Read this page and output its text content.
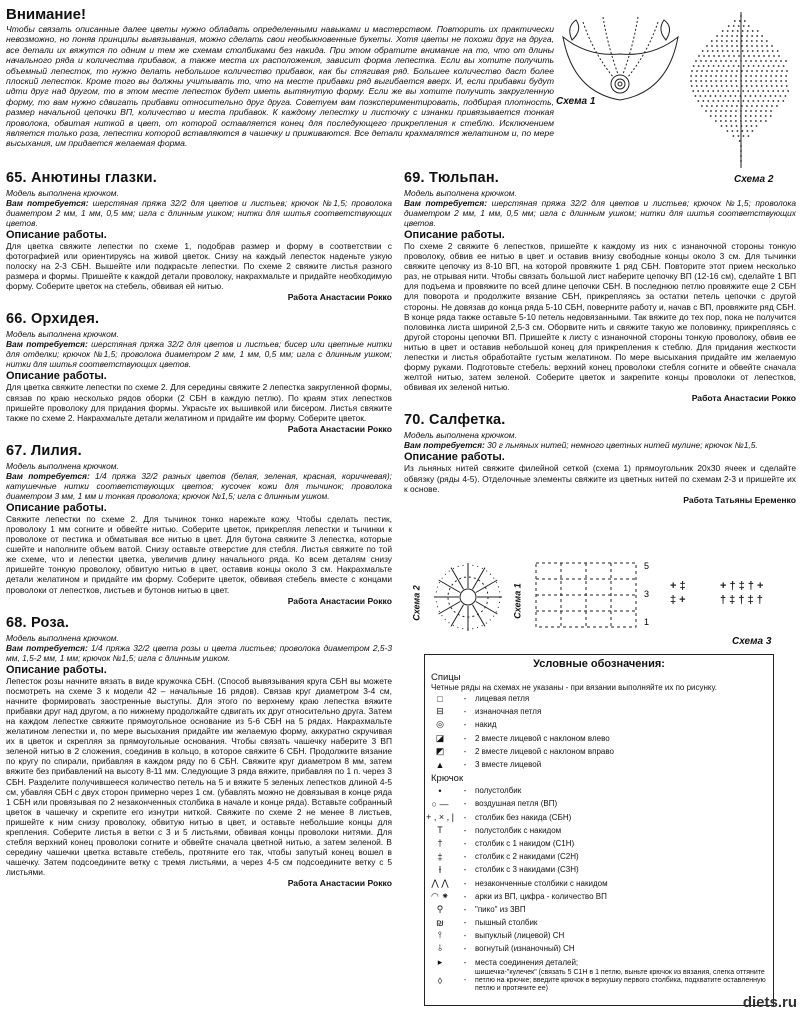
Внимание!

Чтобы связать описанные далее цветы нужно обладать определенными навыками и мастерством. Повторить их практически невозможно, но поняв принципы вывязывания, можно сделать свои необыкновенные букеты. Хотя цветы не похожи друг на друга, все детали их вяжутся по одним и тем же схемам столбиками без накида. При этом обратите внимание на то, что от длины начального ряда и количества прибавок, а также места их расположения, зависит форма лепестка. Если вы хотите получить объемный лепесток, то нужно делать небольшое количество прибавок, как бы стягивая ряд. Большее количество даст более плоский лепесток. Кроме того вы должны учитывать то, что на месте прибавки ряд выгибается вверх. И, если прибавки будут идти друг над другом, то в этом месте лепесток будет иметь вытянутую форму. Если же вы хотите получить закругленную форму, то вам нужно сдвигать прибавки относительно друг друга. Советуем вам поэкспериментировать, подбирая плотность, размер начальной цепочки ВП, количество и места прибавок. К каждому лепестку и листочку с изнанки привязывается тонкая проволока, обвитая ниткой в цвет, от которой оставляется конец для последующего прикрепления к стеблю. Исключением является только роза, лепестки которой вставляются в чашечку и приживаются. Все детали крахмалятся желатином и, по мере высыхания, им придается желаемая форма.

Схема 1
Схема 2
65. Анютины глазки.
Модель выполнена крючком.
Вам потребуется: шерстяная пряжа 32/2 для цветов и листьев; крючок №1,5; проволока диаметром 2 мм, 1 мм, 0,5 мм; игла с длинным ушком; нитки для шитья соответствующих цветов.
Описание работы.
Для цветка свяжите лепестки по схеме 1, подобрав размер и форму в соответствии с фотографией или ориентируясь на живой цветок. Снизу на каждый лепесток наденьте узкую полоску на 2-3 СБН. Вышейте или подкрасьте лепестки. По схеме 2 свяжите листья разного размера и формы. Пришейте к каждой детали проволоку, накрахмальте и придайте необходимую форму. Соберите цветок на стебель, обвивая ей нитью.
Работа Анастасии Рокко
66. Орхидея.
Модель выполнена крючком.
Вам потребуется: шерстяная пряжа 32/2 для цветов и листьев; бисер или цветные нитки для отделки; крючок №1,5; проволока диаметром 2 мм, 1 мм, 0,5 мм; игла с длинным ушком; нитки для шитья соответствующих цветов.
Описание работы.
Для цветка свяжите лепестки по схеме 2. Для середины свяжите 2 лепестка закругленной формы, связав по краю несколько рядов оборки (2 СБН в каждую петлю). По краям этих лепестков пришейте проволоку для придания формы. Украсьте их вышивкой или бисером. Листья свяжите также по схеме 2. Накрахмальте детали желатином и придайте им форму. Соберите цветок.
Работа Анастасии Рокко
67. Лилия.
Модель выполнена крючком.
Вам потребуется: 1/4 пряжа 32/2 разных цветов (белая, зеленая, красная, коричневая); катушечные нитки соответствующих цветов; кусочек кожи для тычинок; проволока диаметром 3 мм, 1 мм и тонкая проволока; крючок №1,5; игла с длинным ушком.
Описание работы.
Свяжите лепестки по схеме 2. Для тычинок тонко нарежьте кожу. Чтобы сделать пестик, проволоку 1 мм согните и обвейте нитью. Соберите цветок, прикрепляя лепестки и тычинки к проволоке от пестика и обматывая все нитью в цвет. Для бутона свяжите 3 лепестка, которые сшейте и наполните объем ватой. Снизу оставьте отверстие для стебля. Листья свяжите по той же схеме, что и лепестки цветка, увеличив длину начального ряда. Ко всем деталям снизу пришейте тонкую проволоку, обвитую нитью в цвет, оставив концы около 3 см. Накрахмальте детали желатином и придайте им форму. Соберите цветок, обвивая стебель вместе с концами проволоки от лепестков, листьев и бутонов нитью в цвет.
Работа Анастасии Рокко
68. Роза.
Модель выполнена крючком.
Вам потребуется: 1/4 пряжа 32/2 цвета розы и цвета листьев; проволока диаметром 2,5-3 мм, 1,5-2 мм, 1 мм; крючок №1,5; игла с длинным ушком.
Описание работы.
Лепесток розы начните вязать в виде кружочка СБН. (Способ вывязывания круга СБН вы можете посмотреть на схеме 3 к модели 42 – начальные 16 рядов). Связав круг диаметром 3-4 см, начните формировать заостренные выступы. Для этого по верхнему краю лепестка вяжите прибавки друг над другом, а по нижнему продолжайте сдвигать их друг относительно друга. Затем на каждом лепестке свяжите прямоугольное основание из 5-6 СБН на 5 рядах. Накрахмальте желатином лепестки и, по мере высыхания придайте им желаемую форму, аккуратно скручивая их в цветок и скрепляя за прямоугольные основания. Чтобы связать чашечку наберите 3 ВП зеленой нитью в 2 сложения, соединив в кольцо, в которое свяжите 6 СБН. Продолжите вязание по кругу по спирали, прибавляя в каждом ряду по 6 СБН. Свяжите круг диаметром 8 мм, затем вяжите без прибавлений на высоту 8-11 мм. Следующие 3 ряда вяжите, прибавляя по 1 п. через 3 СБН. Разделите получившееся количество петель на 5 и вяжите 5 зеленых лепестков длиной 4-5 см, убавляя СБН с двух сторон примерно через 1 см. (убавлять можно не довязывая в конце ряда 1 СБН или провязывая по 2 незаконченных столбика в начале и конце ряда). Вставьте собранный цветок в чашечку и скрепите его изнутри ниткой. Свяжите по схеме 2 не менее 8 листьев, пришейте к ним снизу проволоку, обвитую нитью в цвет, и оставьте небольшие концы для крепления. Соберите листья в ветки с 3 и 5 листьями, обвивая концы проволоки нитями. Для стебля верхний конец проволоки согните и обвейте сначала цветной нитью, а затем зеленой. В середину чашечки цветка вставьте стебель, протяните его так, чтобы запутый конец вошел в чашечку. Затем подсоедините ветку с тремя листьями, а через 4-5 см подсоедините ветку с 5 листьями.
Работа Анастасии Рокко
69. Тюльпан.
Модель выполнена крючком.
Вам потребуется: шерстяная пряжа 32/2 для цветов и листьев; крючок №1,5; проволока диаметром 2 мм, 1 мм, 0,5 мм; игла с длинным ушком; нитки для шитья соответствующих цветов.
Описание работы.
По схеме 2 свяжите 6 лепестков, пришейте к каждому из них с изнаночной стороны тонкую проволоку, обвив ее нитью в цвет и оставив внизу свободные концы около 3 см. Для тычинки свяжите цепочку из 8-10 ВП, на которой провяжите 1 ряд СБН. Повторите этот прием несколько раз, не отрывая нити. Чтобы связать большой лист наберите цепочку ВП (12-16 см), сделайте 1 ВП для подъема и провяжите по всей длине цепочки СБН. В последнюю петлю провяжите еще 2 СБН для поворота и продолжите вязание СБН, прикрепляясь за остатки петель цепочки с другой стороны. Не довязав до конца ряда 5-10 СБН, поверните работу и, начав с ВП, провяжите ряд СБН. В конце ряда также оставьте 5-10 петель недовязанными. Так вяжите до тех пор, пока не получится половинка листа шириной 2,5-3 см. Оборвите нить и свяжите такую же половинку, прикрепляясь с другой стороны цепочки ВП. Пришейте к листу с изнаночной стороны тонкую проволоку, обвив ее нитью в цвет и оставив небольшой конец для прикрепления к стеблю. Для придания жесткости лепестки и листья обработайте густым желатином. По мере высыхания придайте им желаемую форму руками. Подготовьте стебель: верхний конец проволоки стебля согните и обвейте сначала желтой нитью, затем зеленой. Соберите цветок и закрепите концы проволоки от лепестков, обвивая их зеленой нитью.
Работа Анастасии Рокко
70. Салфетка.
Модель выполнена крючком.
Вам потребуется: 30 г льняных нитей; немного цветных нитей мулине; крючок №1,5.
Описание работы.
Из льняных нитей свяжите филейной сеткой (схема 1) прямоугольник 20x30 ячеек и сделайте обвязку (ряды 4-5). Отделочные элементы свяжите из цветных нитей по схемам 2-3 и пришейте их к основе.
Работа Татьяны Еременко
+ † ‡ † +
† ‡ † ‡ †
+ ‡
‡ +
5
3
1
Схема 2	Схема 1
Схема 3
Условные обозначения:
Спицы
Четные ряды на схемах не указаны - при вязании выполняйте их по рисунку.
□	-	лицевая петля
⊟	-	изнаночная петля
◎	-	накид
◪	-	2 вместе лицевой с наклоном влево
◩	-	2 вместе лицевой с наклоном вправо
▲	-	3 вместе лицевой
Крючок
•	-	полустолбик
○ —	-	воздушная петля (ВП)
+ , × , |	-	столбик без накида (СБН)
T	-	полустолбик с накидом
†	-	столбик с 1 накидом (С1Н)
‡	-	столбик с 2 накидами (С2Н)
⫲	-	столбик с 3 накидами (С3Н)
⋀ ⋀	-	незаконченные столбики с накидом
◠ ⁕	-	арки из ВП, цифра - количество ВП
⚲	-	"пико" из 3ВП
₪	-	пышный столбик
⫯	-	выпуклый (лицевой) СН
⫰	-	вогнутый (изнаночный) СН
▸	-	места соединения деталей;
◊	-
шишечка-"кулечек" (связать 5 С1Н в 1 петлю, выньте крючок из вязания, слегка оттяните петлю на крючке; введите крючок в верхушку первого столбика, подхватите оставленную петлю и протяните ее)
diets.ru
